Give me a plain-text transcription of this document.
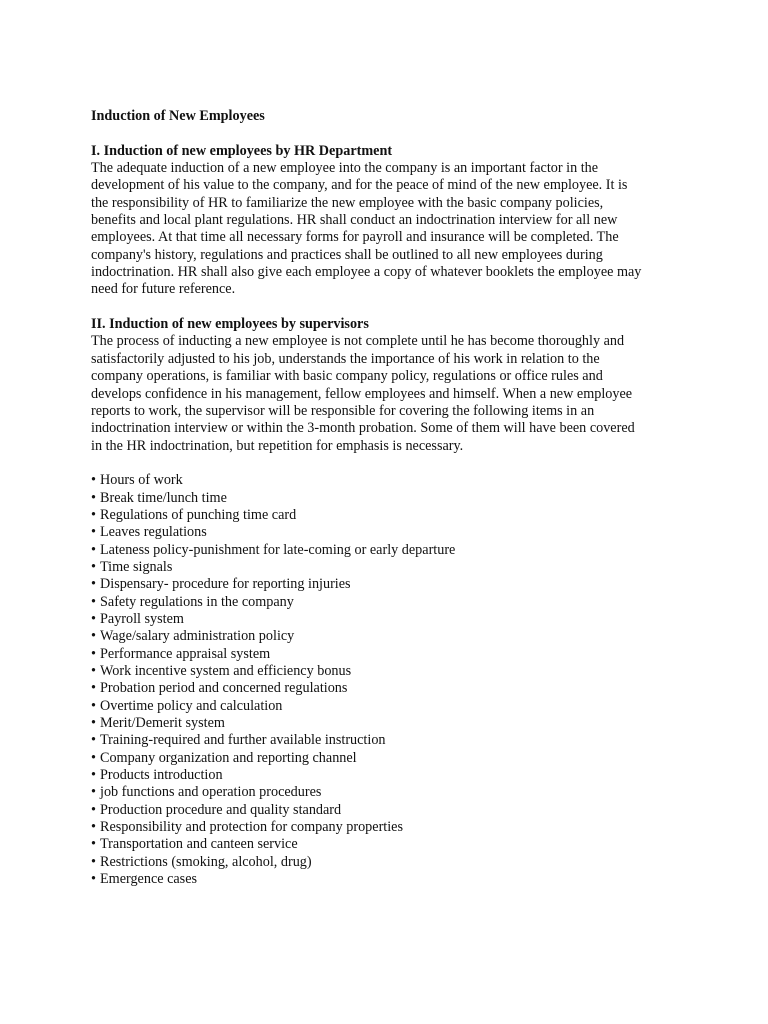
Induction of New Employees

I. Induction of new employees by HR Department

The adequate induction of a new employee into the company is an important factor in the
development of his value to the company, and for the peace of mind of the new employee. It is
the responsibility of HR to familiarize the new employee with the basic company policies,
benefits and local plant regulations. HR shall conduct an indoctrination interview for all new
employees. At that time all necessary forms for payroll and insurance will be completed. The
company's history, regulations and practices shall be outlined to all new employees during
indoctrination. HR shall also give each employee a copy of whatever booklets the employee may
need for future reference.

II. Induction of new employees by supervisors

The process of inducting a new employee is not complete until he has become thoroughly and
satisfactorily adjusted to his job, understands the importance of his work in relation to the
company operations, is familiar with basic company policy, regulations or office rules and
develops confidence in his management, fellow employees and himself. When a new employee
reports to work, the supervisor will be responsible for covering the following items in an
indoctrination interview or within the 3-month probation. Some of them will have been covered
in the HR indoctrination, but repetition for emphasis is necessary.
• Hours of work
• Break time/lunch time
• Regulations of punching time card
• Leaves regulations
• Lateness policy-punishment for late-coming or early departure
• Time signals
• Dispensary- procedure for reporting injuries
• Safety regulations in the company
• Payroll system
• Wage/salary administration policy
• Performance appraisal system
• Work incentive system and efficiency bonus
• Probation period and concerned regulations
• Overtime policy and calculation
• Merit/Demerit system
• Training-required and further available instruction
• Company organization and reporting channel
• Products introduction
• job functions and operation procedures
• Production procedure and quality standard
• Responsibility and protection for company properties
• Transportation and canteen service
• Restrictions (smoking, alcohol, drug)
• Emergence cases
